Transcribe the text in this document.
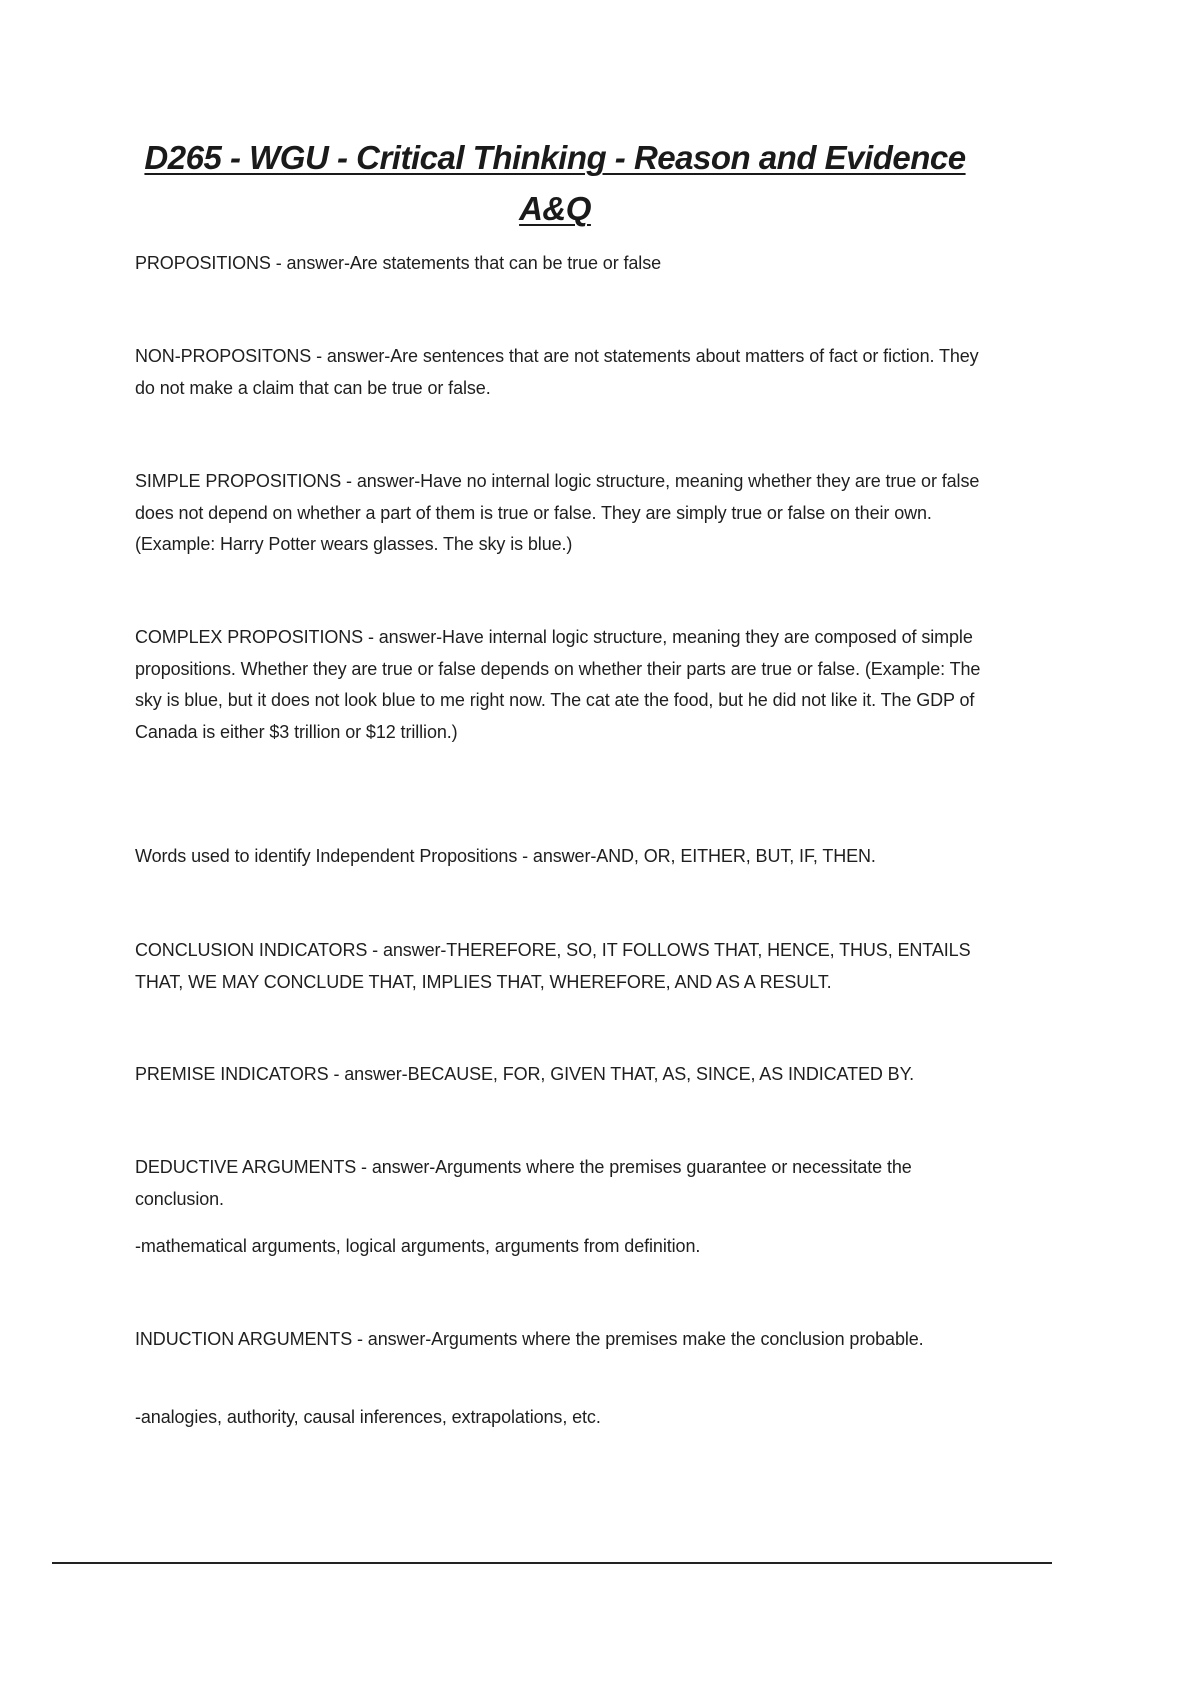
D265 - WGU - Critical Thinking - Reason and Evidence
A&Q

PROPOSITIONS - answer-Are statements that can be true or false

NON-PROPOSITONS - answer-Are sentences that are not statements about matters of fact or fiction. They do not make a claim that can be true or false.

SIMPLE PROPOSITIONS - answer-Have no internal logic structure, meaning whether they are true or false does not depend on whether a part of them is true or false. They are simply true or false on their own. (Example: Harry Potter wears glasses. The sky is blue.)

COMPLEX PROPOSITIONS - answer-Have internal logic structure, meaning they are composed of simple propositions. Whether they are true or false depends on whether their parts are true or false. (Example: The sky is blue, but it does not look blue to me right now. The cat ate the food, but he did not like it. The GDP of Canada is either $3 trillion or $12 trillion.)

Words used to identify Independent Propositions - answer-AND, OR, EITHER, BUT, IF, THEN.

CONCLUSION INDICATORS - answer-THEREFORE, SO, IT FOLLOWS THAT, HENCE, THUS, ENTAILS THAT, WE MAY CONCLUDE THAT, IMPLIES THAT, WHEREFORE, AND AS A RESULT.

PREMISE INDICATORS - answer-BECAUSE, FOR, GIVEN THAT, AS, SINCE, AS INDICATED BY.

DEDUCTIVE ARGUMENTS - answer-Arguments where the premises guarantee or necessitate the conclusion.

-mathematical arguments, logical arguments, arguments from definition.

INDUCTION ARGUMENTS - answer-Arguments where the premises make the conclusion probable.

-analogies, authority, causal inferences, extrapolations, etc.
